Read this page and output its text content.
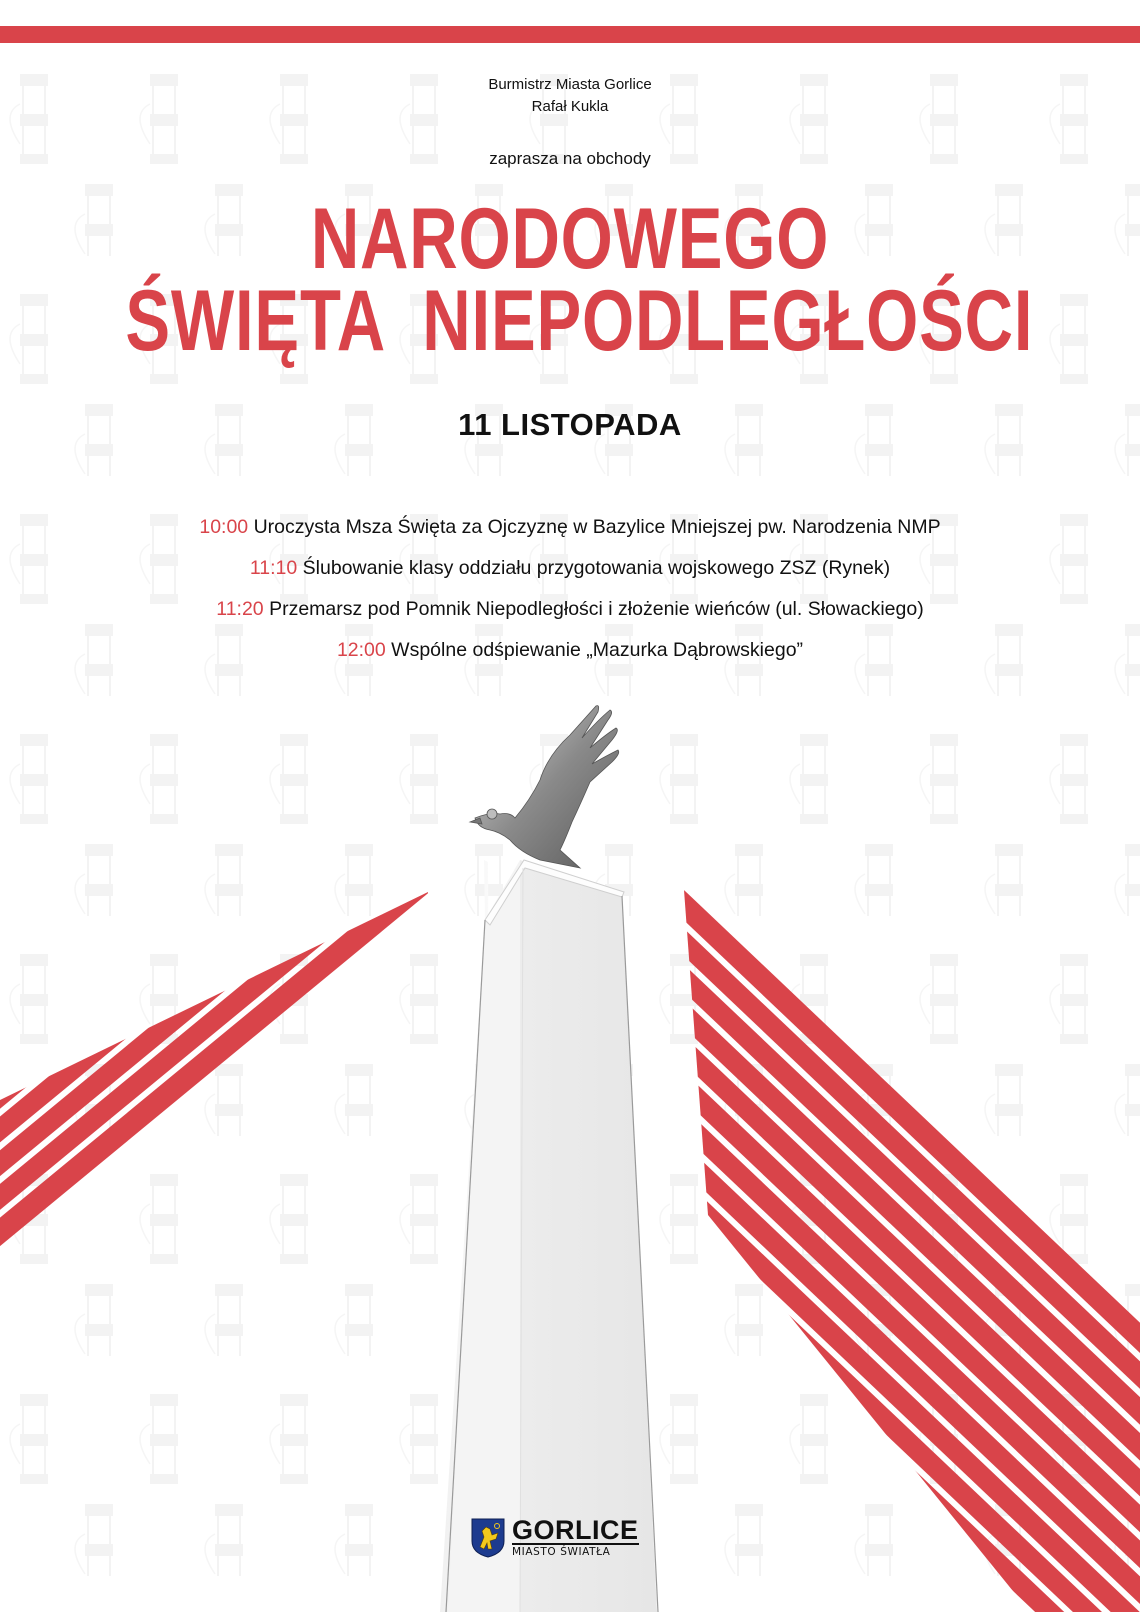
Burmistrz Miasta Gorlice
Rafał Kukla
zaprasza na obchody
NARODOWEGO
ŚWIĘTA  NIEPODLEGŁOŚCI
11 LISTOPADA
10:00 Uroczysta Msza Święta za Ojczyznę w Bazylice Mniejszej pw. Narodzenia NMP
11:10 Ślubowanie klasy oddziału przygotowania wojskowego ZSZ (Rynek)
11:20 Przemarsz pod Pomnik Niepodległości i złożenie wieńców (ul. Słowackiego)
12:00 Wspólne odśpiewanie „Mazurka Dąbrowskiego”
GORLICE
MIASTO ŚWIATŁA
